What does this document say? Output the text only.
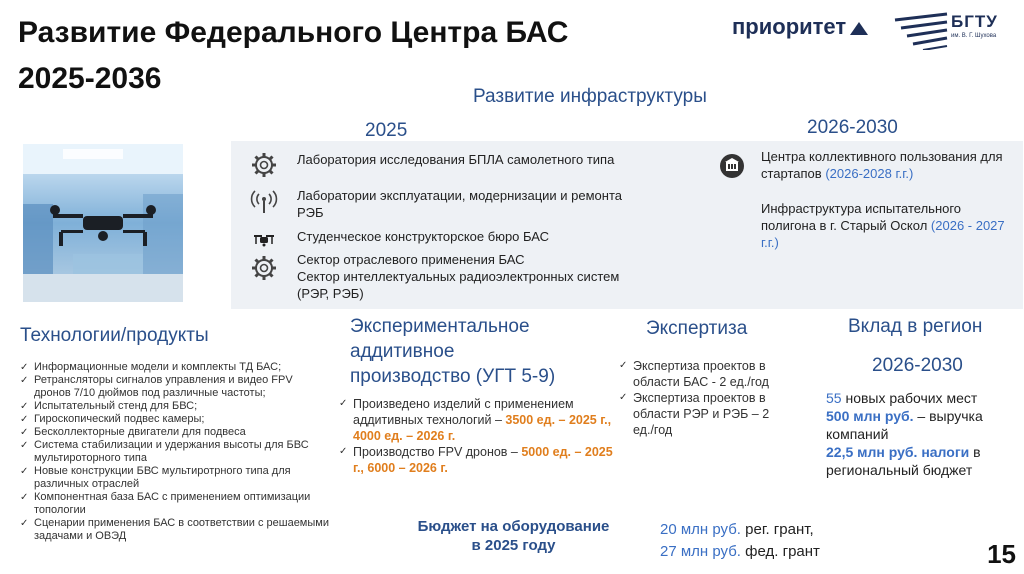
Развитие Федерального Центра БАС
2025-2036
приоритет	БГТУ
им. В. Г. Шухова
Развитие инфраструктуры
2025	2026-2030
Лаборатория исследования БПЛА самолетного типа
Лаборатории эксплуатации, модернизации и ремонта РЭБ
Студенческое конструкторское бюро БАС
Сектор отраслевого применения БАС
Сектор интеллектуальных радиоэлектронных систем (РЭР, РЭБ)
Центра коллективного пользования для стартапов (2026-2028 г.г.)
Инфраструктура испытательного полигона в г. Старый Оскол (2026 - 2027 г.г.)
Технологии/продукты
✓ Информационные модели и комплекты ТД БАС;
✓ Ретрансляторы сигналов управления и видео FPV дронов 7/10 дюймов под различные частоты;
✓ Испытательный стенд для БВС;
✓ Гироскопический подвес камеры;
✓ Бесколлекторные двигатели для подвеса
✓ Система стабилизации и удержания высоты для БВС мультироторного типа
✓ Новые конструкции БВС мультиротрного типа для различных отраслей
✓ Компонентная база БАС с применением оптимизации топологии
✓ Сценарии применения БАС в соответствии с решаемыми задачами и ОВЭД
Экспериментальное
аддитивное
производство (УГТ 5-9)
✓ Произведено изделий с применением аддитивных технологий – 3500 ед. – 2025 г., 4000 ед. – 2026 г.
✓ Производство FPV дронов – 5000 ед. – 2025 г., 6000 – 2026 г.
Экспертиза
✓ Экспертиза проектов в области БАС - 2 ед./год
✓ Экспертиза проектов в области РЭР и РЭБ – 2 ед./год
Вклад в регион
2026-2030
55 новых рабочих мест
500 млн руб. – выручка компаний
22,5 млн руб. налоги в региональный бюджет
Бюджет на оборудование
в 2025 году
20 млн руб. рег. грант,
27 млн руб. фед. грант	15
